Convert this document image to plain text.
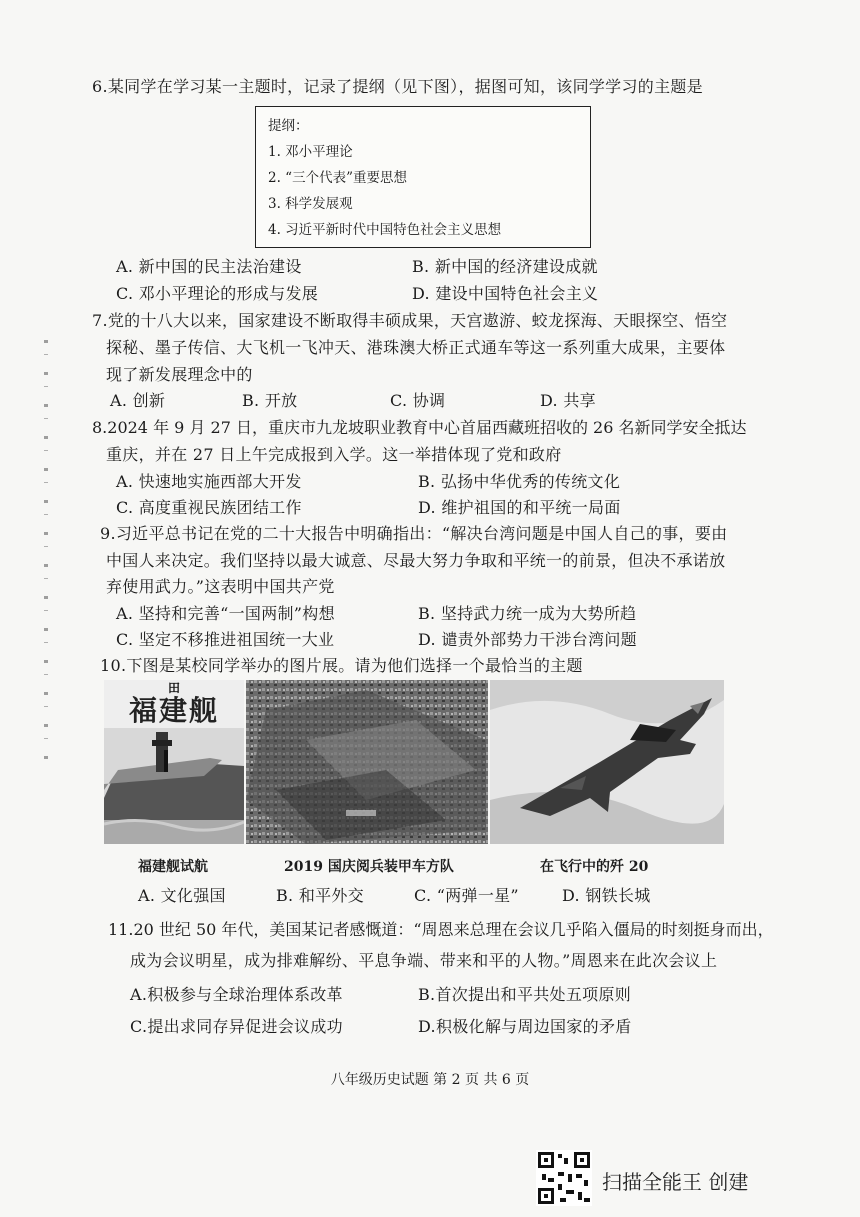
6.某同学在学习某一主题时，记录了提纲（见下图），据图可知，该同学学习的主题是
提纲：
1. 邓小平理论
2. “三个代表”重要思想
3. 科学发展观
4. 习近平新时代中国特色社会主义思想
A. 新中国的民主法治建设	B. 新中国的经济建设成就
C. 邓小平理论的形成与发展	D. 建设中国特色社会主义
7.党的十八大以来，国家建设不断取得丰硕成果，天宫遨游、蛟龙探海、天眼探空、悟空
探秘、墨子传信、大飞机一飞冲天、港珠澳大桥正式通车等这一系列重大成果，主要体
现了新发展理念中的
A. 创新	B. 开放	C. 协调	D. 共享
8.2024 年 9 月 27 日，重庆市九龙坡职业教育中心首届西藏班招收的 26 名新同学安全抵达
重庆，并在 27 日上午完成报到入学。这一举措体现了党和政府
A. 快速地实施西部大开发	B. 弘扬中华优秀的传统文化
C. 高度重视民族团结工作	D. 维护祖国的和平统一局面
9.习近平总书记在党的二十大报告中明确指出：“解决台湾问题是中国人自己的事，要由
中国人来决定。我们坚持以最大诚意、尽最大努力争取和平统一的前景，但决不承诺放
弃使用武力。”这表明中国共产党
A. 坚持和完善“一国两制”构想	B. 坚持武力统一成为大势所趋
C. 坚定不移推进祖国统一大业	D. 谴责外部势力干涉台湾问题
10.下图是某校同学举办的图片展。请为他们选择一个最恰当的主题
田
福建舰
福建舰试航	2019 国庆阅兵装甲车方队	在飞行中的歼 20
A. 文化强国	B. 和平外交	C. “两弹一星”	D. 钢铁长城
11.20 世纪 50 年代，美国某记者感慨道：“周恩来总理在会议几乎陷入僵局的时刻挺身而出，
成为会议明星，成为排难解纷、平息争端、带来和平的人物。”周恩来在此次会议上
A.积极参与全球治理体系改革	B.首次提出和平共处五项原则
C.提出求同存异促进会议成功	D.积极化解与周边国家的矛盾
八年级历史试题 第 2 页 共 6 页
扫描全能王 创建
